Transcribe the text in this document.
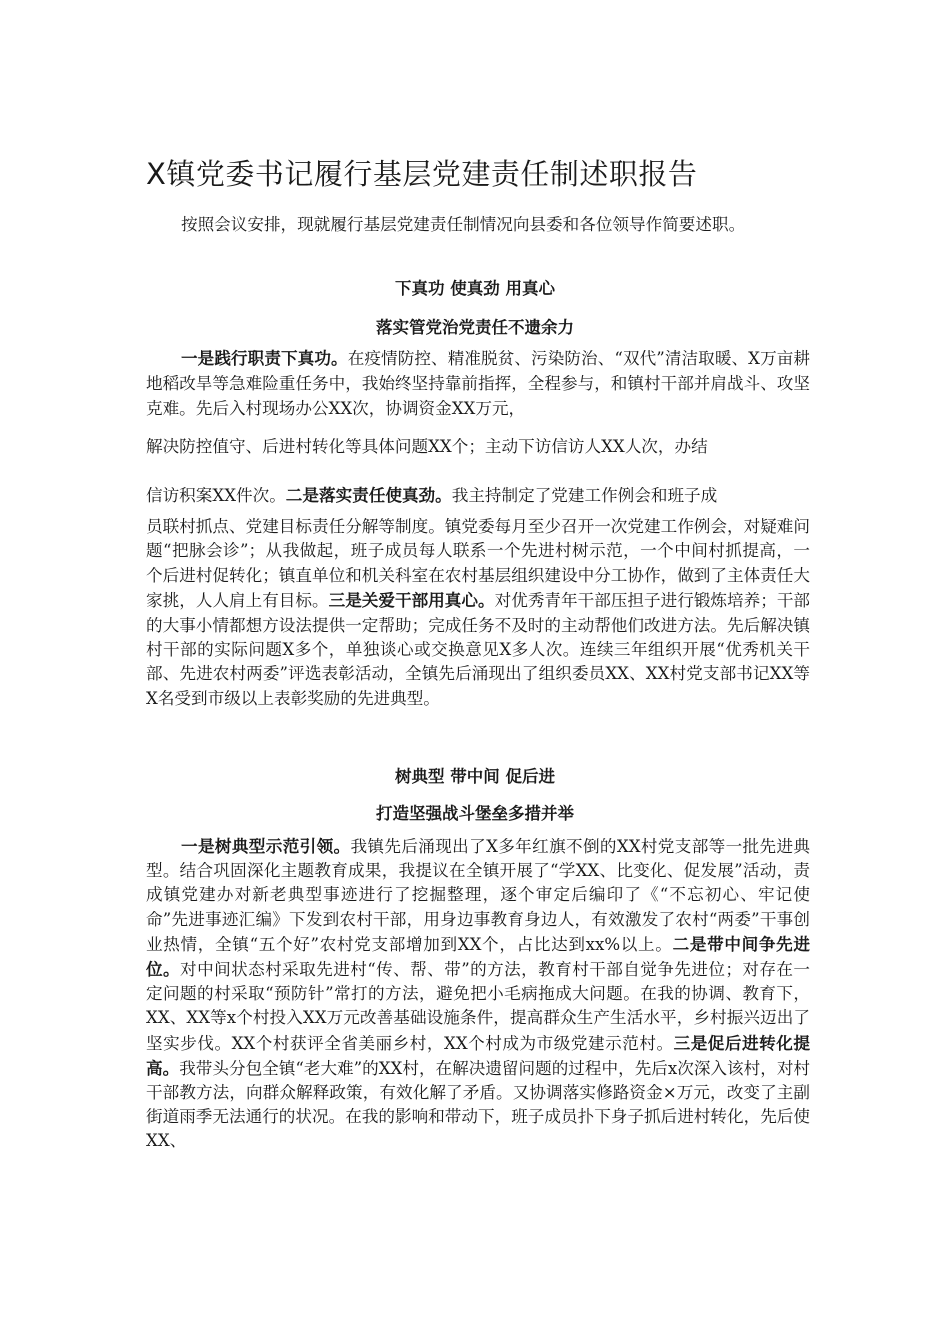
X镇党委书记履行基层党建责任制述职报告
按照会议安排，现就履行基层党建责任制情况向县委和各位领导作简要述职。
下真功 使真劲 用真心
落实管党治党责任不遗余力
一是践行职责下真功。在疫情防控、精准脱贫、污染防治、“双代”清洁取暖、X万亩耕地稻改旱等急难险重任务中，我始终坚持靠前指挥，全程参与，和镇村干部并肩战斗、攻坚克难。先后入村现场办公XX次，协调资金XX万元，
解决防控值守、后进村转化等具体问题XX个；主动下访信访人XX人次，办结
信访积案XX件次。二是落实责任使真劲。我主持制定了党建工作例会和班子成
员联村抓点、党建目标责任分解等制度。镇党委每月至少召开一次党建工作例会，对疑难问题“把脉会诊”；从我做起，班子成员每人联系一个先进村树示范，一个中间村抓提高，一个后进村促转化；镇直单位和机关科室在农村基层组织建设中分工协作，做到了主体责任大家挑，人人肩上有目标。三是关爱干部用真心。对优秀青年干部压担子进行锻炼培养；干部的大事小情都想方设法提供一定帮助；完成任务不及时的主动帮他们改进方法。先后解决镇村干部的实际问题X多个，单独谈心或交换意见X多人次。连续三年组织开展“优秀机关干部、先进农村两委”评选表彰活动，全镇先后涌现出了组织委员XX、XX村党支部书记XX等X名受到市级以上表彰奖励的先进典型。
树典型 带中间 促后进
打造坚强战斗堡垒多措并举
一是树典型示范引领。我镇先后涌现出了X多年红旗不倒的XX村党支部等一批先进典型。结合巩固深化主题教育成果，我提议在全镇开展了“学XX、比变化、促发展”活动，责成镇党建办对新老典型事迹进行了挖掘整理，逐个审定后编印了《“不忘初心、牢记使命”先进事迹汇编》下发到农村干部，用身边事教育身边人，有效激发了农村“两委”干事创业热情，全镇“五个好”农村党支部增加到XX个，占比达到xx%以上。二是带中间争先进位。对中间状态村采取先进村“传、帮、带”的方法，教育村干部自觉争先进位；对存在一定问题的村采取“预防针”常打的方法，避免把小毛病拖成大问题。在我的协调、教育下，XX、XX等x个村投入XX万元改善基础设施条件，提高群众生产生活水平，乡村振兴迈出了坚实步伐。XX个村获评全省美丽乡村，XX个村成为市级党建示范村。三是促后进转化提高。我带头分包全镇“老大难”的XX村，在解决遗留问题的过程中，先后x次深入该村，对村干部教方法，向群众解释政策，有效化解了矛盾。又协调落实修路资金×万元，改变了主副街道雨季无法通行的状况。在我的影响和带动下，班子成员扑下身子抓后进村转化，先后使XX、
